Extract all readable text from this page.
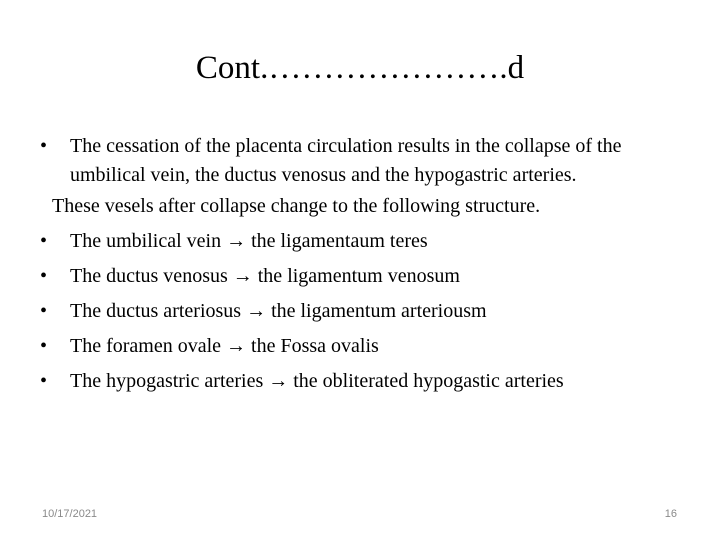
Cont.………………….d
•	The cessation of the placenta circulation results in the collapse of the umbilical vein, the ductus venosus and the hypogastric arteries.
These vesels after collapse change to the following structure.
•	The umbilical vein → the ligamentaum teres
•	The ductus venosus → the ligamentum venosum
•	The ductus arteriosus → the ligamentum arteriousm
•	The foramen ovale → the Fossa ovalis
•	The hypogastric arteries → the obliterated hypogastic arteries
10/17/2021	16
